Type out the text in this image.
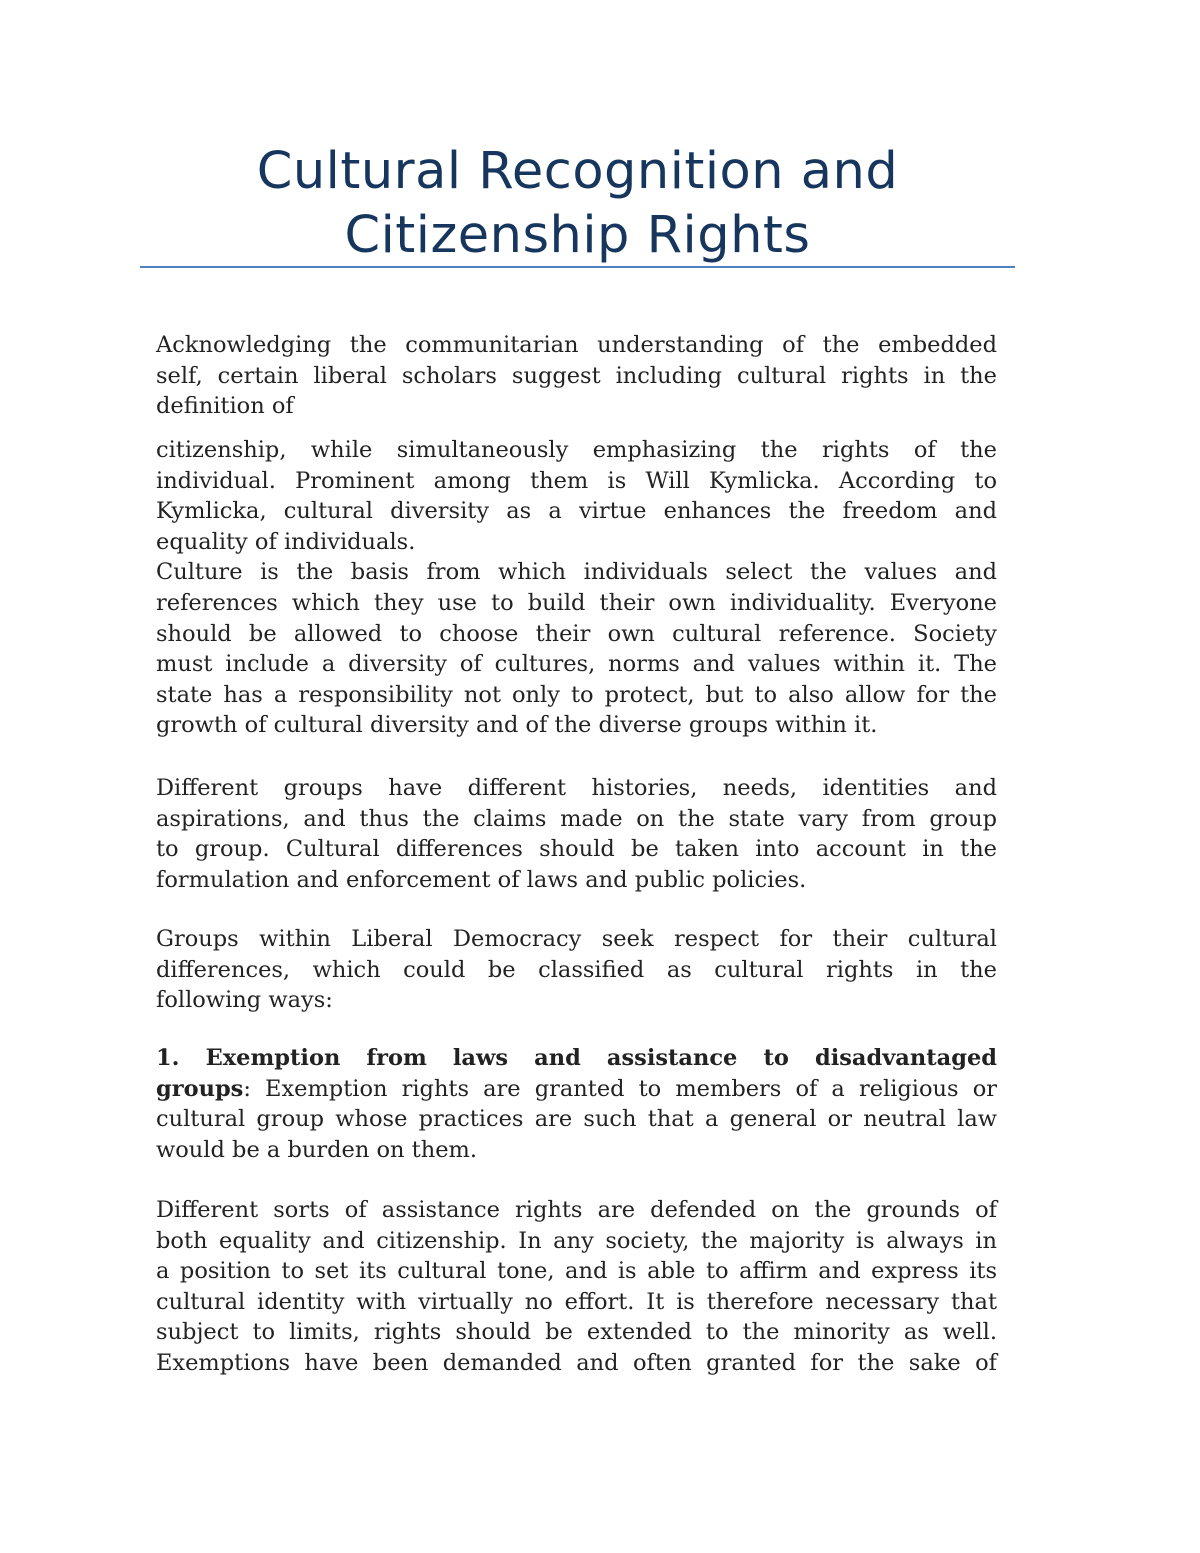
Cultural Recognition and
Citizenship Rights
Acknowledging the communitarian understanding of the embedded
self, certain liberal scholars suggest including cultural rights in the
definition of
citizenship, while simultaneously emphasizing the rights of the
individual. Prominent among them is Will Kymlicka. According to
Kymlicka, cultural diversity as a virtue enhances the freedom and
equality of individuals.
Culture is the basis from which individuals select the values and
references which they use to build their own individuality. Everyone
should be allowed to choose their own cultural reference. Society
must include a diversity of cultures, norms and values within it. The
state has a responsibility not only to protect, but to also allow for the
growth of cultural diversity and of the diverse groups within it.
Different groups have different histories, needs, identities and
aspirations, and thus the claims made on the state vary from group
to group. Cultural differences should be taken into account in the
formulation and enforcement of laws and public policies.
Groups within Liberal Democracy seek respect for their cultural
differences, which could be classified as cultural rights in the
following ways:
1. Exemption from laws and assistance to disadvantaged
groups: Exemption rights are granted to members of a religious or
cultural group whose practices are such that a general or neutral law
would be a burden on them.
Different sorts of assistance rights are defended on the grounds of
both equality and citizenship. In any society, the majority is always in
a position to set its cultural tone, and is able to affirm and express its
cultural identity with virtually no effort. It is therefore necessary that
subject to limits, rights should be extended to the minority as well.
Exemptions have been demanded and often granted for the sake of
